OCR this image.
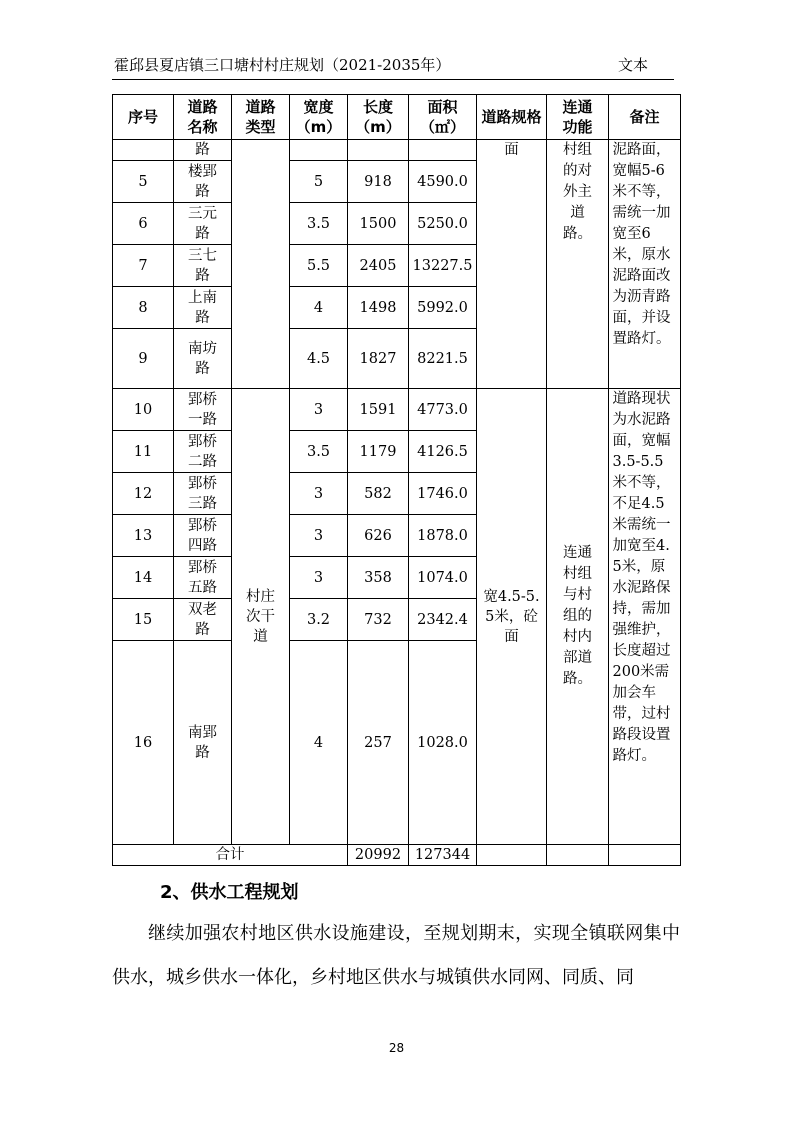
霍邱县夏店镇三口塘村村庄规划（2021-2035年）	文本
序号	道路名称	道路类型	宽度（m）	长度（m）	面积（㎡）	道路规格	连通功能	备注
	路					面	村组的对外主道路。	泥路面，宽幅5-6米不等，需统一加宽至6米，原水泥路面改为沥青路面，并设置路灯。

5	楼郢路		5	918	4590.0			
6	三元路		3.5	1500	5250.0			
7	三七路		5.5	2405	13227.5			
8	上南路		4	1498	5992.0			
9	南坊路		4.5	1827	8221.5			
10	郢桥一路	村庄次干道	3	1591	4773.0	宽4.5-5.5米，砼面	连通村组与村组的村内部道路。	道路现状为水泥路面，宽幅3.5-5.5米不等，不足4.5米需统一加宽至4.5米，原水泥路保持，需加强维护，长度超过200米需加会车带，过村路段设置路灯。

11	郢桥二路		3.5	1179	4126.5			
12	郢桥三路		3	582	1746.0			
13	郢桥四路		3	626	1878.0			
14	郢桥五路		3	358	1074.0			
15	双老路		3.2	732	2342.4			
16	南郢路		4	257	1028.0			
合计				20992	127344			
2、供水工程规划
继续加强农村地区供水设施建设，至规划期末，实现全镇联网集中供水，城乡供水一体化，乡村地区供水与城镇供水同网、同质、同
28
